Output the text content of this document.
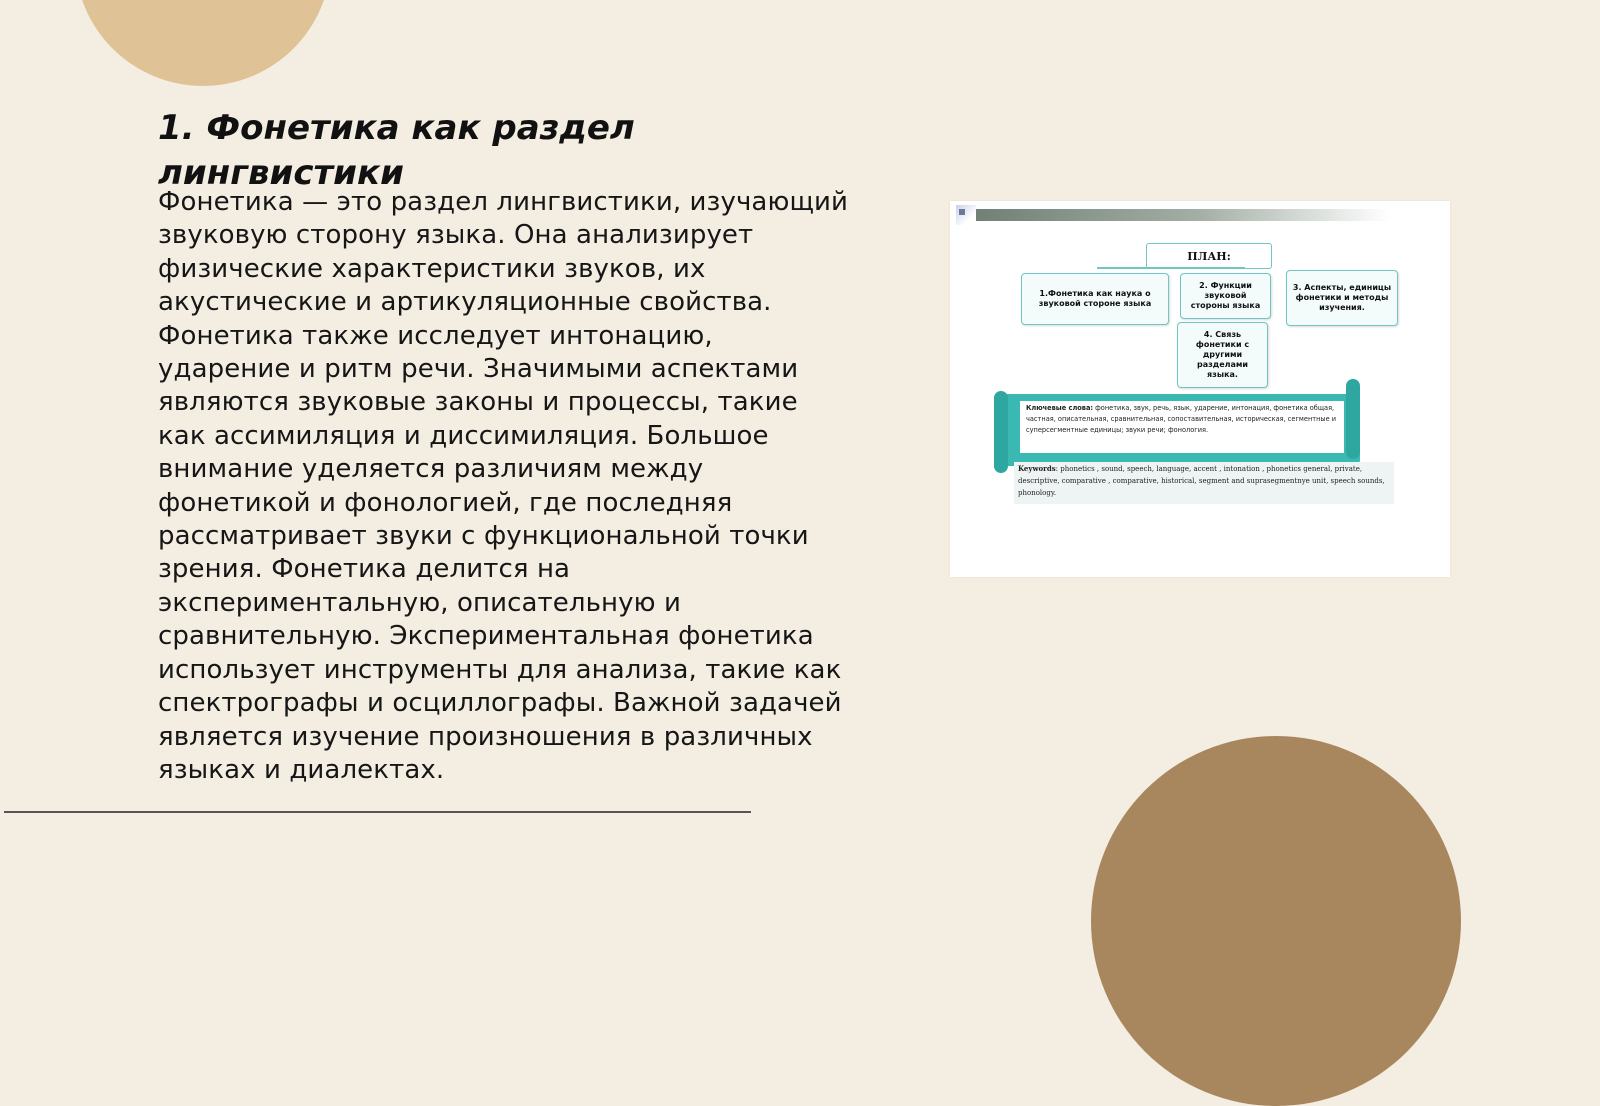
1. Фонетика как раздел лингвистики

Фонетика — это раздел лингвистики, изучающий звуковую сторону языка. Она анализирует физические характеристики звуков, их акустические и артикуляционные свойства. Фонетика также исследует интонацию, ударение и ритм речи. Значимыми аспектами являются звуковые законы и процессы, такие как ассимиляция и диссимиляция. Большое внимание уделяется различиям между фонетикой и фонологией, где последняя рассматривает звуки с функциональной точки зрения. Фонетика делится на экспериментальную, описательную и сравнительную. Экспериментальная фонетика использует инструменты для анализа, такие как спектрографы и осциллографы. Важной задачей является изучение произношения в различных языках и диалектах.

ПЛАН:
1.Фонетика как наука о звуковой стороне языка
2. Функции звуковой стороны языка
3. Аспекты, единицы фонетики и методы изучения.
4. Связь фонетики с другими разделами языка.
Ключевые слова: фонетика, звук, речь, язык, ударение, интонация, фонетика общая, частная, описательная, сравнительная, сопоставительная, историческая, сегментные и суперсегментные единицы; звуки речи; фонология.
Keywords: phonetics , sound, speech, language, accent , intonation , phonetics general, private, descriptive, comparative , comparative, historical, segment and suprasegmentnye unit, speech sounds, phonology.
